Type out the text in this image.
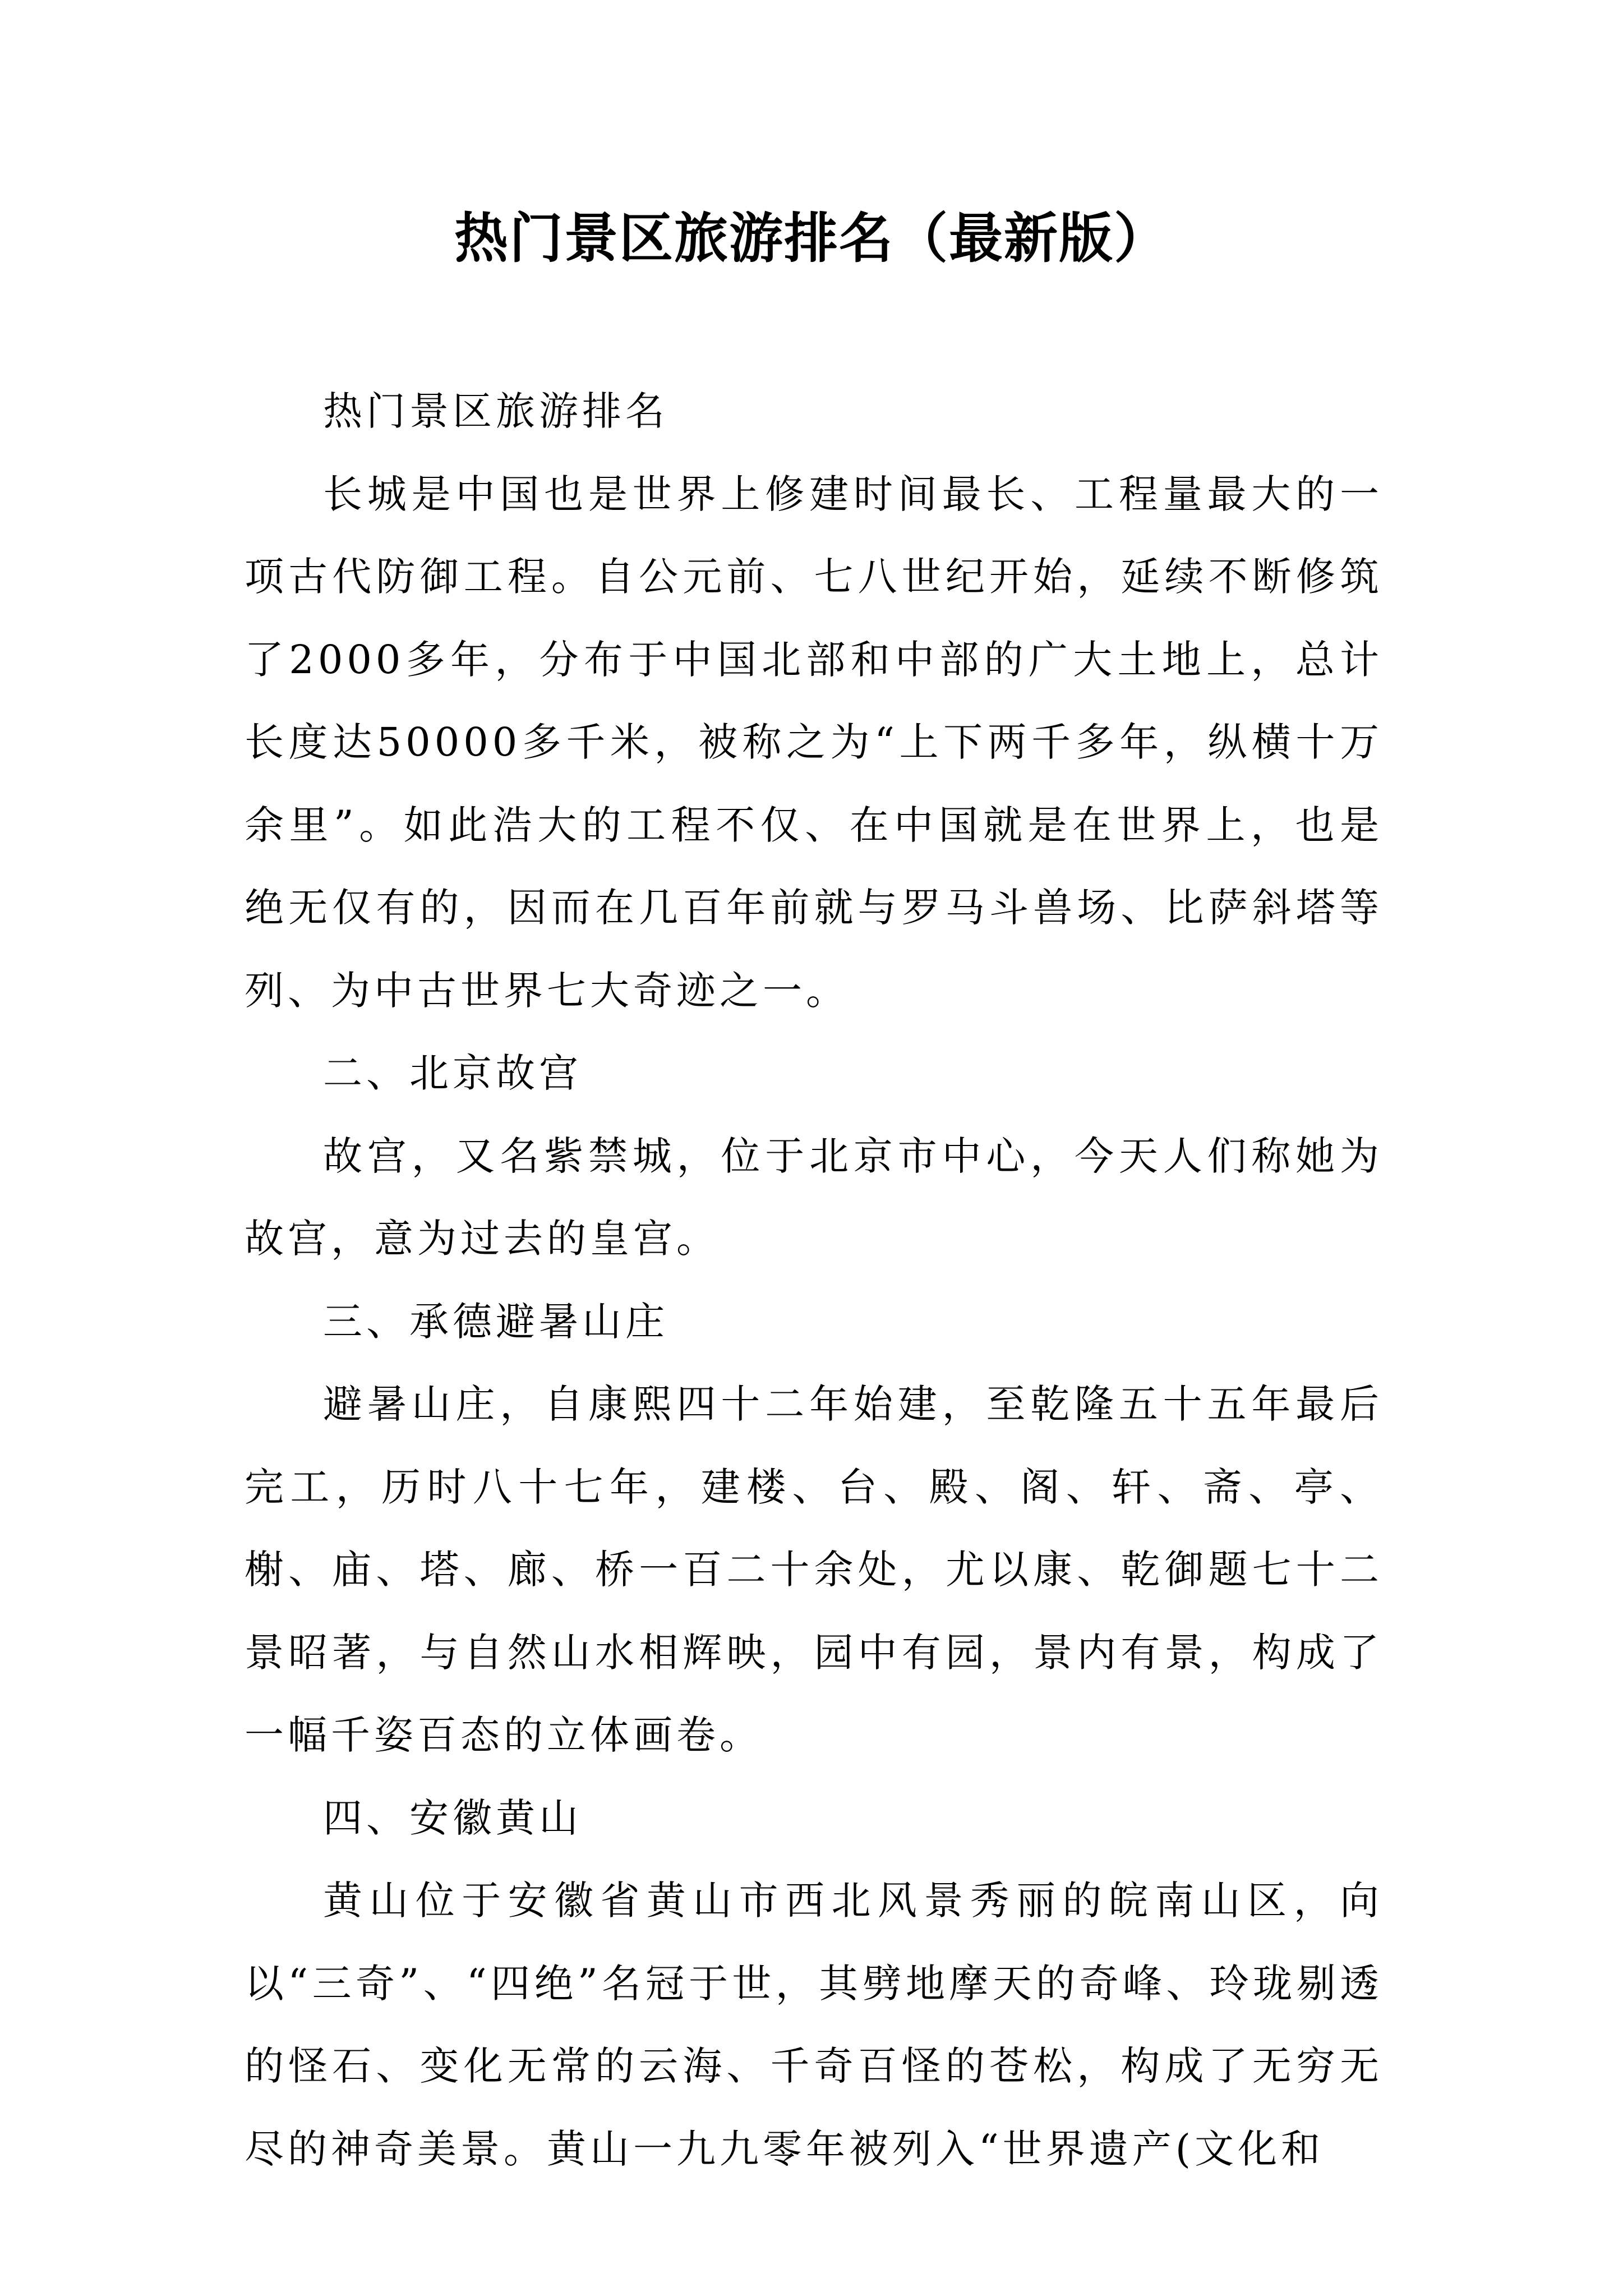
热门景区旅游排名（最新版）

热门景区旅游排名

长城是中国也是世界上修建时间最长、工程量最大的一项古代防御工程。自公元前、七八世纪开始，延续不断修筑了2000多年，分布于中国北部和中部的广大土地上，总计长度达50000多千米，被称之为“上下两千多年，纵横十万余里”。如此浩大的工程不仅、在中国就是在世界上，也是绝无仅有的，因而在几百年前就与罗马斗兽场、比萨斜塔等列、为中古世界七大奇迹之一。

二、北京故宫

故宫，又名紫禁城，位于北京市中心，今天人们称她为故宫，意为过去的皇宫。

三、承德避暑山庄

避暑山庄，自康熙四十二年始建，至乾隆五十五年最后完工，历时八十七年，建楼、台、殿、阁、轩、斋、亭、榭、庙、塔、廊、桥一百二十余处，尤以康、乾御题七十二景昭著，与自然山水相辉映，园中有园，景内有景，构成了一幅千姿百态的立体画卷。

四、安徽黄山

黄山位于安徽省黄山市西北风景秀丽的皖南山区，向以“三奇”、“四绝”名冠于世，其劈地摩天的奇峰、玲珑剔透的怪石、变化无常的云海、千奇百怪的苍松，构成了无穷无尽的神奇美景。黄山一九九零年被列入“世界遗产(文化和
